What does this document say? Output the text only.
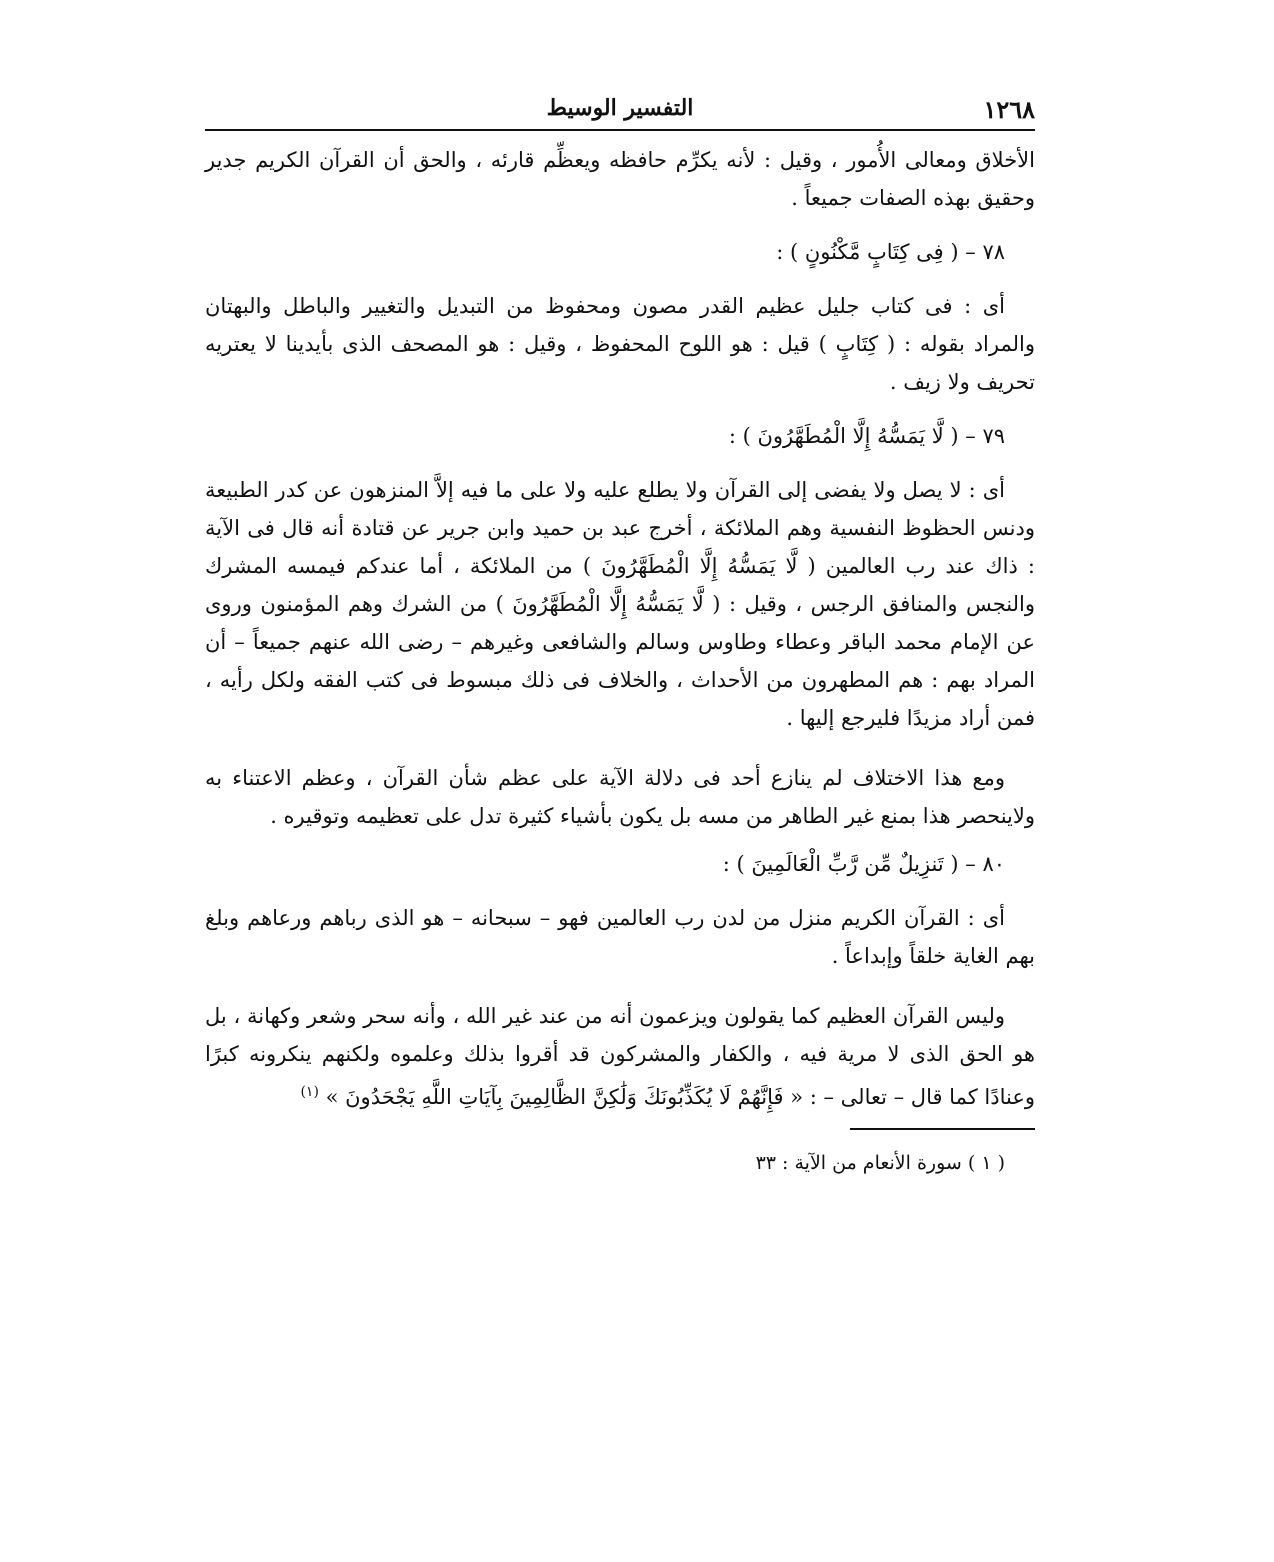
١٢٦٨
التفسير الوسيط

الأخلاق ومعالى الأُمور ، وقيل : لأنه يكرِّم حافظه ويعظِّم قارئه ، والحق أن القرآن الكريم جدير وحقيق بهذه الصفات جميعاً .

٧٨ – ( فِى كِتَابٍ مَّكْنُونٍ ) :

أى : فى كتاب جليل عظيم القدر مصون ومحفوظ من التبديل والتغيير والباطل والبهتان والمراد بقوله : ( كِتَابٍ ) قيل : هو اللوح المحفوظ ، وقيل : هو المصحف الذى بأيدينا لا يعتريه تحريف ولا زيف .

٧٩ – ( لَّا يَمَسُّهُ إِلَّا الْمُطَهَّرُونَ ) :

أى : لا يصل ولا يفضى إلى القرآن ولا يطلع عليه ولا على ما فيه إلاَّ المنزهون عن كدر الطبيعة ودنس الحظوظ النفسية وهم الملائكة ، أخرج عبد بن حميد وابن جرير عن قتادة أنه قال فى الآية : ذاك عند رب العالمين ( لَّا يَمَسُّهُ إِلَّا الْمُطَهَّرُونَ ) من الملائكة ، أما عندكم فيمسه المشرك والنجس والمنافق الرجس ، وقيل : ( لَّا يَمَسُّهُ إِلَّا الْمُطَهَّرُونَ ) من الشرك وهم المؤمنون وروى عن الإمام محمد الباقر وعطاء وطاوس وسالم والشافعى وغيرهم – رضى الله عنهم جميعاً – أن المراد بهم : هم المطهرون من الأحداث ، والخلاف فى ذلك مبسوط فى كتب الفقه ولكل رأيه ، فمن أراد مزيدًا فليرجع إليها .

ومع هذا الاختلاف لم ينازع أحد فى دلالة الآية على عظم شأن القرآن ، وعظم الاعتناء به ولاينحصر هذا بمنع غير الطاهر من مسه بل يكون بأشياء كثيرة تدل على تعظيمه وتوقيره .

٨٠ – ( تَنزِيلٌ مِّن رَّبِّ الْعَالَمِينَ ) :

أى : القرآن الكريم منزل من لدن رب العالمين فهو – سبحانه – هو الذى رباهم ورعاهم وبلغ بهم الغاية خلقاً وإبداعاً .

وليس القرآن العظيم كما يقولون ويزعمون أنه من عند غير الله ، وأنه سحر وشعر وكهانة ، بل هو الحق الذى لا مرية فيه ، والكفار والمشركون قد أقروا بذلك وعلموه ولكنهم ينكرونه كبرًا وعنادًا كما قال – تعالى – : « فَإِنَّهُمْ لَا يُكَذِّبُونَكَ وَلَٰكِنَّ الظَّالِمِينَ بِآيَاتِ اللَّهِ يَجْحَدُونَ » $^{(١)}$

( ١ ) سورة الأنعام من الآية : ٣٣
